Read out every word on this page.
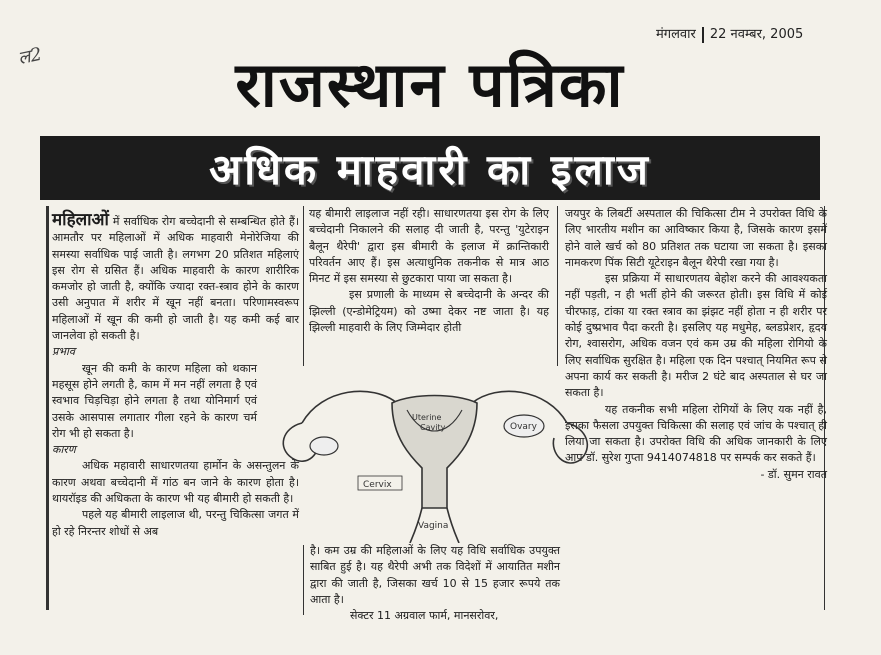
ल2
मंगलवार 22 नवम्बर, 2005
राजस्थान पत्रिका
अधिक माहवारी का इलाज

महिलाओं में सर्वाधिक रोग बच्चेदानी से सम्बन्धित होते हैं। आमतौर पर महिलाओं में अधिक माहवारी मेनोरेजिया की समस्या सर्वाधिक पाई जाती है। लगभग 20 प्रतिशत महिलाएं इस रोग से ग्रसित हैं। अधिक माहवारी के कारण शारीरिक कमजोर हो जाती है, क्योंकि ज्यादा रक्त-स्त्राव होने के कारण उसी अनुपात में शरीर में खून नहीं बनता। परिणामस्वरूप महिलाओं में खून की कमी हो जाती है। यह कमी कई बार जानलेवा हो सकती है।

प्रभाव

खून की कमी के कारण महिला को थकान महसूस होने लगती है, काम में मन नहीं लगता है एवं स्वभाव चिड़चिड़ा होने लगता है तथा योनिमार्ग एवं उसके आसपास लगातार गीला रहने के कारण चर्म रोग भी हो सकता है।

कारण

अधिक महावारी साधारणतया हार्मोन के असन्तुलन के कारण अथवा बच्चेदानी में गांठ बन जाने के कारण होता है। थायरॉइड की अधिकता के कारण भी यह बीमारी हो सकती है।

पहले यह बीमारी लाइलाज थी, परन्तु चिकित्सा जगत में हो रहे निरन्तर शोधों से अब

यह बीमारी लाइलाज नहीं रही। साधारणतया इस रोग के लिए बच्चेदानी निकालने की सलाह दी जाती है, परन्तु 'युटेराइन बैलून थैरेपी' द्वारा इस बीमारी के इलाज में क्रान्तिकारी परिवर्तन आए हैं। इस अत्याधुनिक तकनीक से मात्र आठ मिनट में इस समस्या से छुटकारा पाया जा सकता है।

इस प्रणाली के माध्यम से बच्चेदानी के अन्दर की झिल्ली (एन्डोमेट्रियम) को उष्मा देकर नष्ट जाता है। यह झिल्ली माहवारी के लिए जिम्मेदार होती

है। कम उम्र की महिलाओं के लिए यह विधि सर्वाधिक उपयुक्त साबित हुई है। यह थैरेपी अभी तक विदेशों में आयातित मशीन द्वारा की जाती है, जिसका खर्च 10 से 15 हजार रूपये तक आता है।

सेक्टर 11 अग्रवाल फार्म, मानसरोवर,

जयपुर के लिबर्टी अस्पताल की चिकित्सा टीम ने उपरोक्त विधि के लिए भारतीय मशीन का आविष्कार किया है, जिसके कारण इसमें होने वाले खर्च को 80 प्रतिशत तक घटाया जा सकता है। इसका नामकरण पिंक सिटी यूटेराइन बैलून थैरेपी रखा गया है।

इस प्रक्रिया में साधारणतय बेहोश करने की आवश्यकता नहीं पड़ती, न ही भर्ती होने की जरूरत होती। इस विधि में कोई चीरफाड़, टांका या रक्त स्त्राव का झंझट नहीं होता न ही शरीर पर कोई दुष्प्रभाव पैदा करती है। इसलिए यह मधुमेह, ब्लडप्रेशर, हृदय रोग, श्वासरोग, अधिक वजन एवं कम उम्र की महिला रोगियो के लिए सर्वाधिक सुरक्षित है। महिला एक दिन पश्चात् नियमित रूप से अपना कार्य कर सकती है। मरीज 2 घंटे बाद अस्पताल से घर जा सकता है।

यह तकनीक सभी महिला रोगियों के लिए यक नहीं है, इसका फैसला उपयुक्त चिकित्सा की सलाह एवं जांच के पश्चात् ही लिया जा सकता है। उपरोक्त विधि की अधिक जानकारी के लिए आप डॉ. सुरेश गुप्ता 9414074818 पर सम्पर्क कर सकते हैं।

- डॉ. सुमन रावत

Uterine
Cavity	Ovary
Cervix
Vagina
